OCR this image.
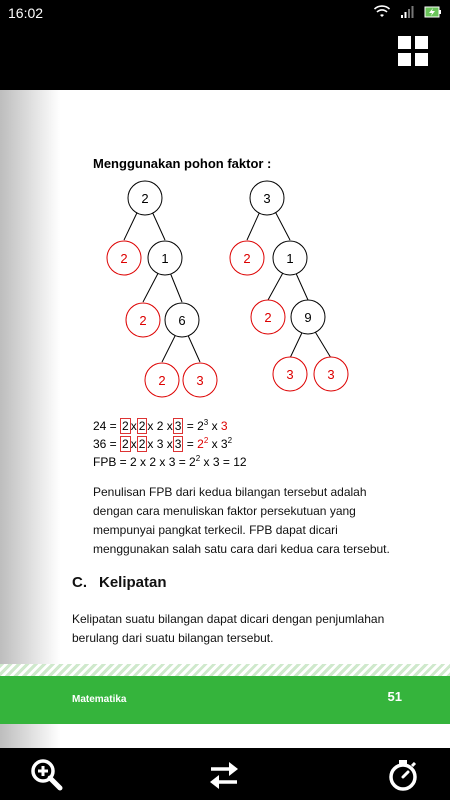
16:02
Menggunakan pohon faktor :
2
2	1
2 6
2 3
3
2	1
2	9
3	3
24 = 2 x 2 x 2 x $3 = 2^3$ x 3
36 = 2 x 2 x 3 x $3 = 2^2$ x $3^2$
FPB = 2 x 2 x $3 = 2^2$ x 3 = 12
Penulisan FPB dari kedua bilangan tersebut adalah dengan cara menuliskan faktor persekutuan yang mempunyai pangkat terkecil. FPB dapat dicari menggunakan salah satu cara dari kedua cara tersebut.
C. Kelipatan
Kelipatan suatu bilangan dapat dicari dengan penjumlahan berulang dari suatu bilangan tersebut.
Matematika	51
